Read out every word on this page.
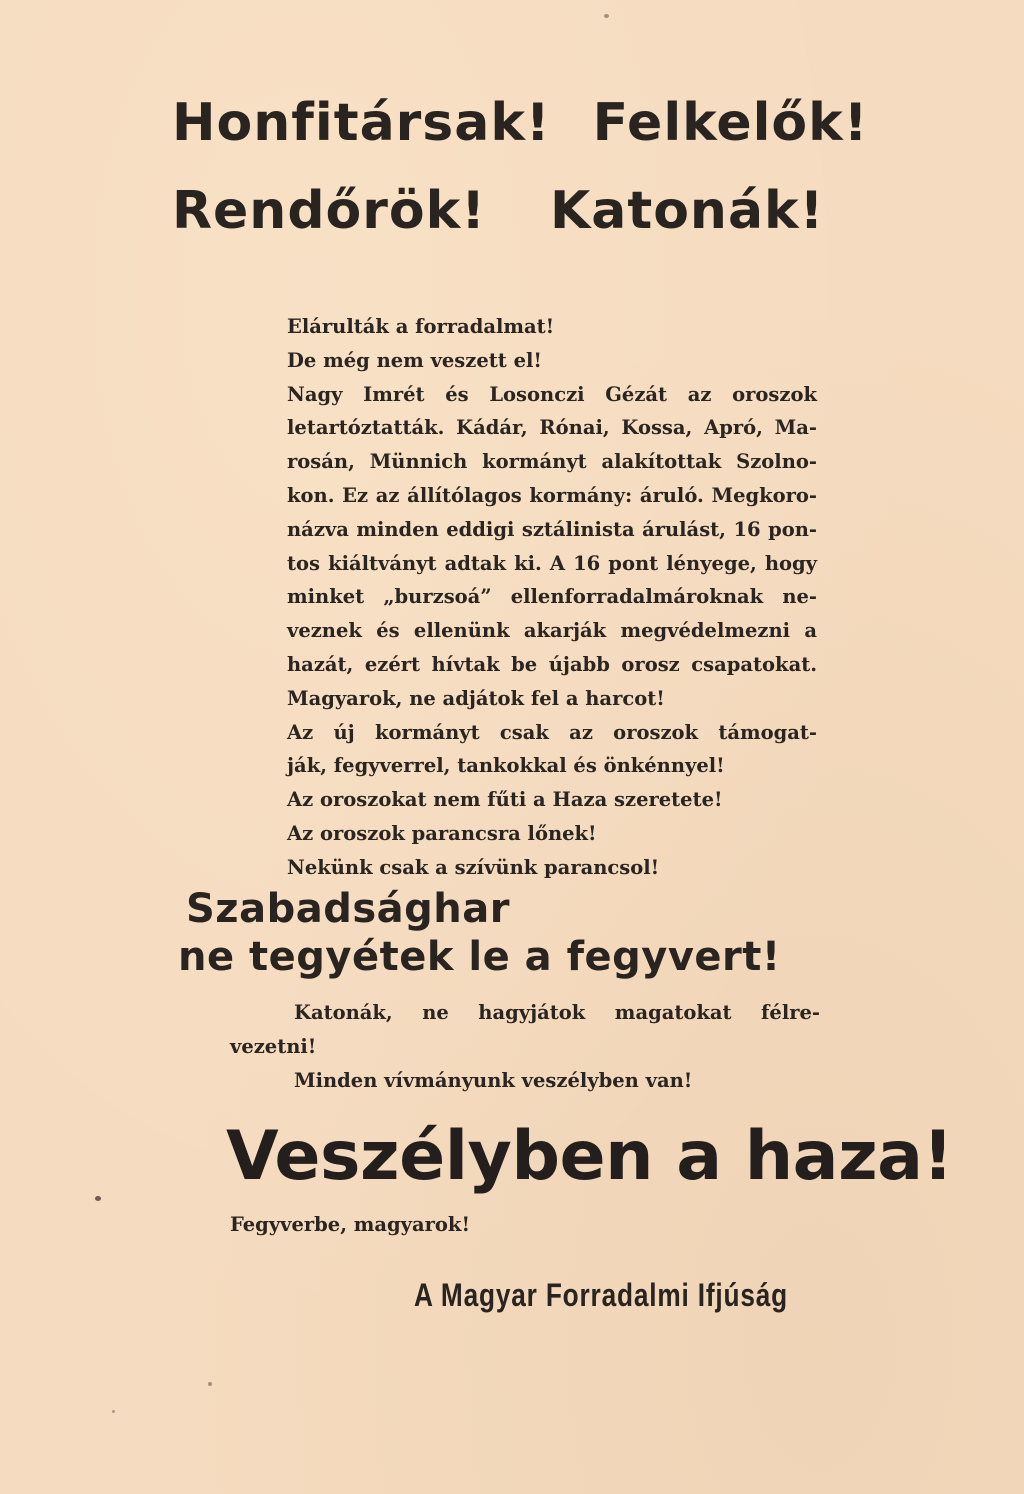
Honfitársak! Felkelők!
Rendőrök! Katonák!

Elárulták a forradalmat!

De még nem veszett el!

Nagy Imrét és Losonczi Gézát az oroszok

letartóztatták. Kádár, Rónai, Kossa, Apró, Ma-

rosán, Münnich kormányt alakítottak Szolno-

kon. Ez az állítólagos kormány: áruló. Megkoro-

názva minden eddigi sztálinista árulást, 16 pon-

tos kiáltványt adtak ki. A 16 pont lényege, hogy

minket „burzsoá” ellenforradalmároknak ne-

veznek és ellenünk akarják megvédelmezni a

hazát, ezért hívtak be újabb orosz csapatokat.

Magyarok, ne adjátok fel a harcot!

Az új kormányt csak az oroszok támogat-

ják, fegyverrel, tankokkal és önkénnyel!

Az oroszokat nem fűti a Haza szeretete!

Az oroszok parancsra lőnek!

Nekünk csak a szívünk parancsol!

Szabadsághar
ne tegyétek le a fegyvert!

Katonák, ne hagyjátok magatokat félre-

vezetni!

Minden vívmányunk veszélyben van!

Veszélyben a haza!

Fegyverbe, magyarok!

A Magyar Forradalmi Ifjúság
